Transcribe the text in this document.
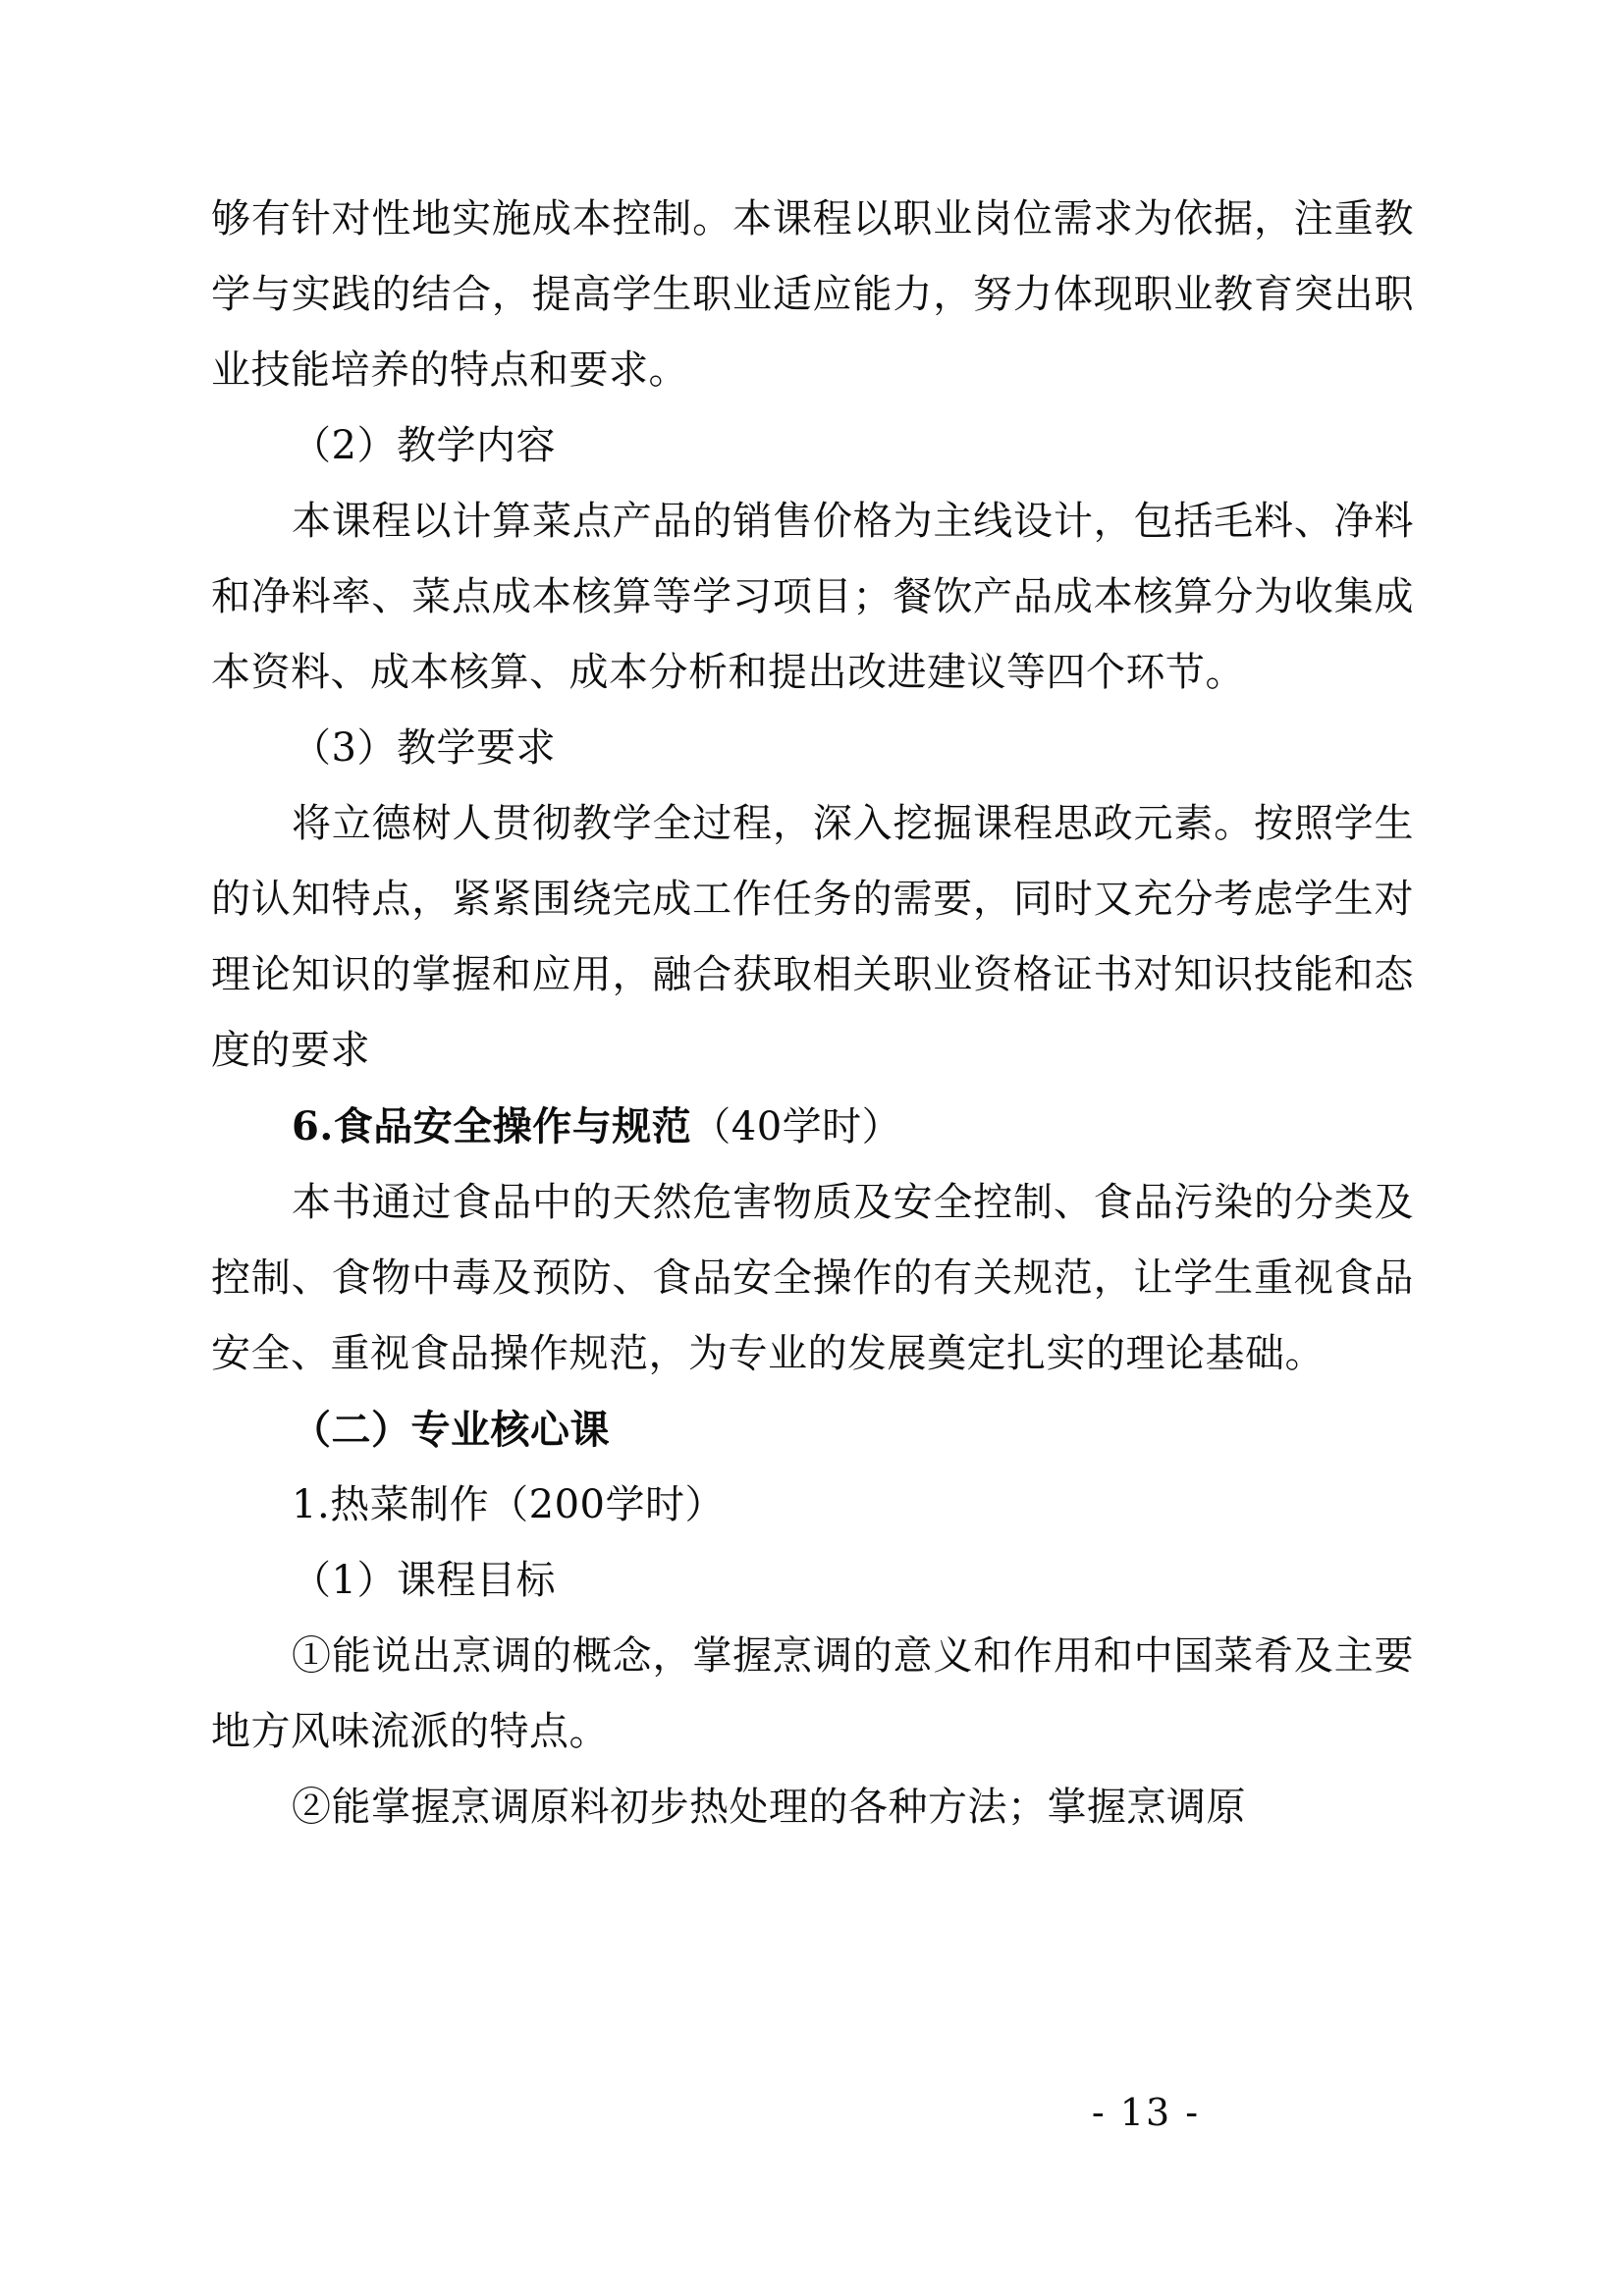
够有针对性地实施成本控制。本课程以职业岗位需求为依据，注重教学与实践的结合，提高学生职业适应能力，努力体现职业教育突出职业技能培养的特点和要求。

（2）教学内容

本课程以计算菜点产品的销售价格为主线设计，包括毛料、净料和净料率、菜点成本核算等学习项目；餐饮产品成本核算分为收集成本资料、成本核算、成本分析和提出改进建议等四个环节。

（3）教学要求

将立德树人贯彻教学全过程，深入挖掘课程思政元素。按照学生的认知特点，紧紧围绕完成工作任务的需要，同时又充分考虑学生对理论知识的掌握和应用，融合获取相关职业资格证书对知识技能和态度的要求

6.食品安全操作与规范（40学时）

本书通过食品中的天然危害物质及安全控制、食品污染的分类及控制、食物中毒及预防、食品安全操作的有关规范，让学生重视食品安全、重视食品操作规范，为专业的发展奠定扎实的理论基础。

（二）专业核心课

1.热菜制作（200学时）

（1）课程目标

①能说出烹调的概念，掌握烹调的意义和作用和中国菜肴及主要地方风味流派的特点。

②能掌握烹调原料初步热处理的各种方法；掌握烹调原

- 13 -
